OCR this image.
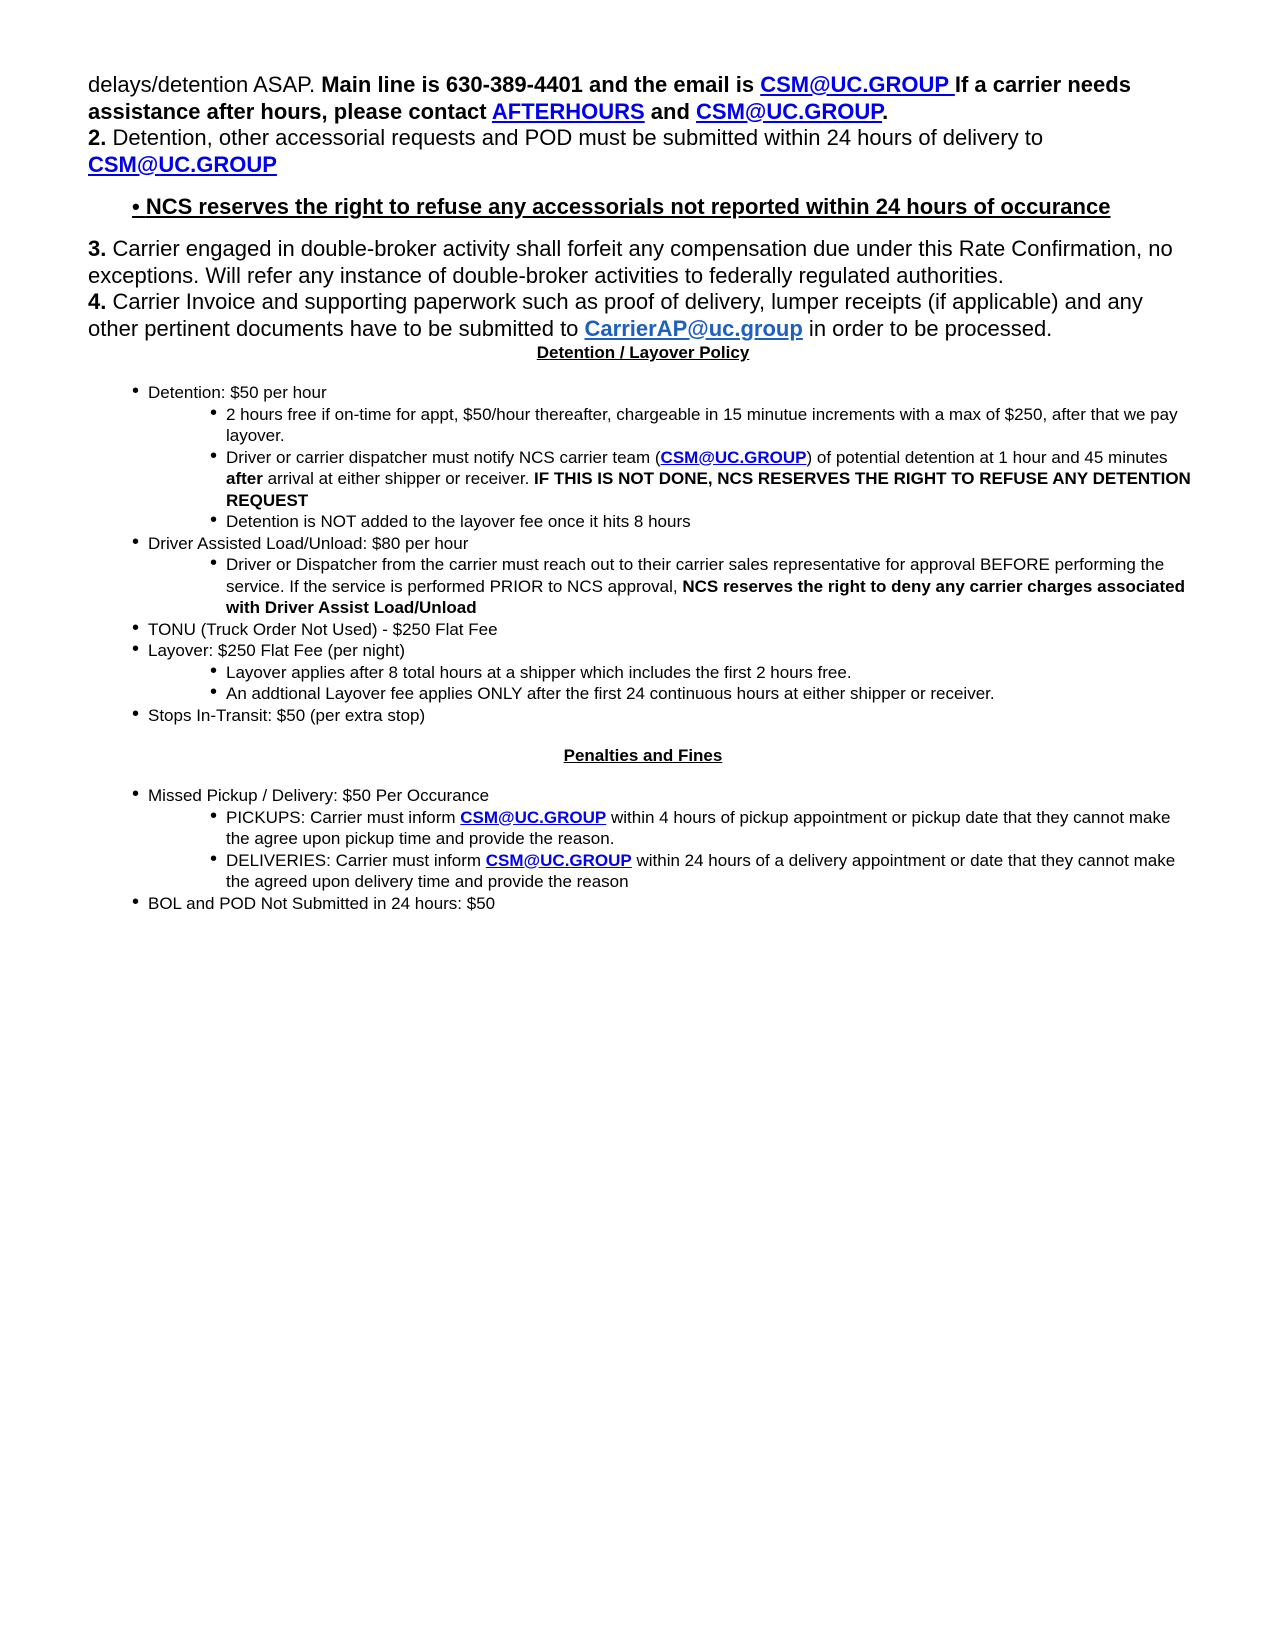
delays/detention ASAP. Main line is 630-389-4401 and the email is CSM@UC.GROUP If a carrier needs assistance after hours, please contact AFTERHOURS and CSM@UC.GROUP.

2. Detention, other accessorial requests and POD must be submitted within 24 hours of delivery to CSM@UC.GROUP

• NCS reserves the right to refuse any accessorials not reported within 24 hours of occurance

3. Carrier engaged in double-broker activity shall forfeit any compensation due under this Rate Confirmation, no exceptions. Will refer any instance of double-broker activities to federally regulated authorities.

4. Carrier Invoice and supporting paperwork such as proof of delivery, lumper receipts (if applicable) and any other pertinent documents have to be submitted to CarrierAP@uc.group in order to be processed.

Detention / Layover Policy

• Detention: $50 per hour
• 2 hours free if on-time for appt, $50/hour thereafter, chargeable in 15 minutue increments with a max of $250, after that we pay layover.
• Driver or carrier dispatcher must notify NCS carrier team (CSM@UC.GROUP) of potential detention at 1 hour and 45 minutes after arrival at either shipper or receiver. IF THIS IS NOT DONE, NCS RESERVES THE RIGHT TO REFUSE ANY DETENTION REQUEST
• Detention is NOT added to the layover fee once it hits 8 hours
• Driver Assisted Load/Unload: $80 per hour
• Driver or Dispatcher from the carrier must reach out to their carrier sales representative for approval BEFORE performing the service. If the service is performed PRIOR to NCS approval, NCS reserves the right to deny any carrier charges associated with Driver Assist Load/Unload
• TONU (Truck Order Not Used) - $250 Flat Fee
• Layover: $250 Flat Fee (per night)
• Layover applies after 8 total hours at a shipper which includes the first 2 hours free.
• An addtional Layover fee applies ONLY after the first 24 continuous hours at either shipper or receiver.
• Stops In-Transit: $50 (per extra stop)

Penalties and Fines

• Missed Pickup / Delivery: $50 Per Occurance
• PICKUPS: Carrier must inform CSM@UC.GROUP within 4 hours of pickup appointment or pickup date that they cannot make the agree upon pickup time and provide the reason.
• DELIVERIES: Carrier must inform CSM@UC.GROUP within 24 hours of a delivery appointment or date that they cannot make the agreed upon delivery time and provide the reason
• BOL and POD Not Submitted in 24 hours: $50
